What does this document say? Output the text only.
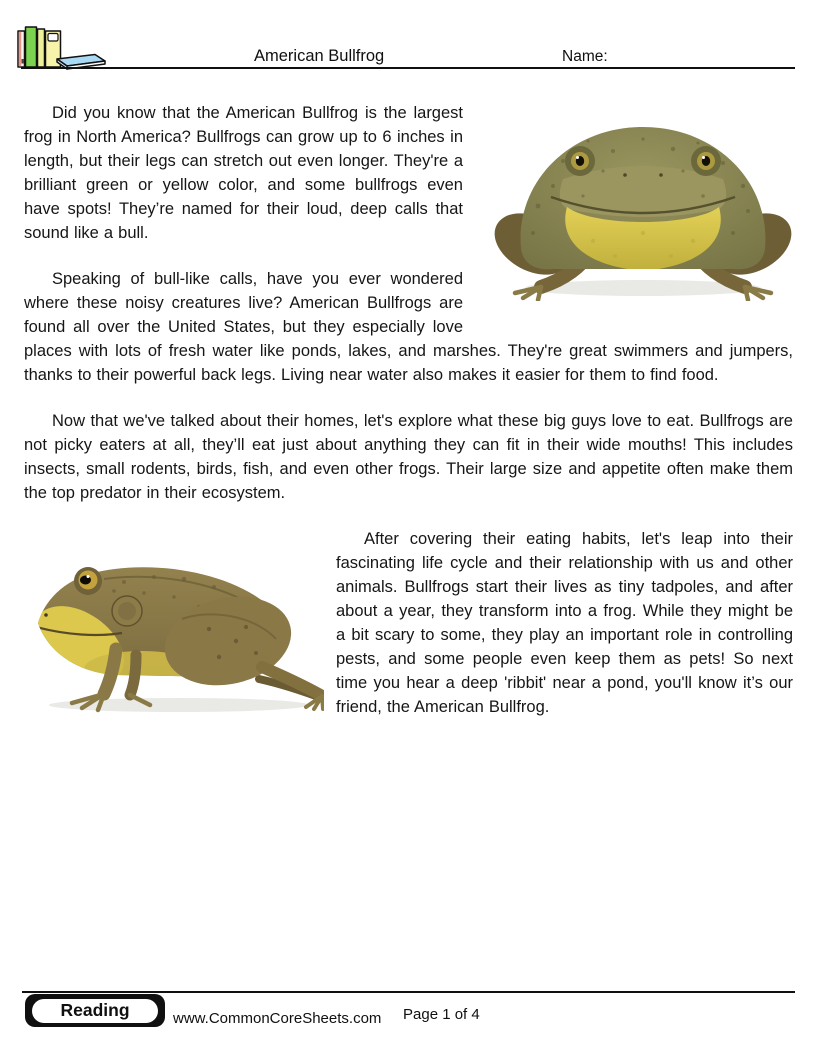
American Bullfrog	Name:

Did you know that the American Bullfrog is the largest frog in North America? Bullfrogs can grow up to 6 inches in length, but their legs can stretch out even longer. They're a brilliant green or yellow color, and some bullfrogs even have spots! They’re named for their loud, deep calls that sound like a bull.

Speaking of bull-like calls, have you ever wondered where these noisy creatures live? American Bullfrogs are found all over the United States, but they especially love places with lots of fresh water like ponds, lakes, and marshes. They're great swimmers and jumpers, thanks to their powerful back legs. Living near water also makes it easier for them to find food.

Now that we've talked about their homes, let's explore what these big guys love to eat. Bullfrogs are not picky eaters at all, they’ll eat just about anything they can fit in their wide mouths! This includes insects, small rodents, birds, fish, and even other frogs. Their large size and appetite often make them the top predator in their ecosystem.

After covering their eating habits, let's leap into their fascinating life cycle and their relationship with us and other animals. Bullfrogs start their lives as tiny tadpoles, and after about a year, they transform into a frog. While they might be a bit scary to some, they play an important role in controlling pests, and some people even keep them as pets! So next time you hear a deep 'ribbit' near a pond, you'll know it’s our friend, the American Bullfrog.

Reading	www.CommonCoreSheets.com Page 1 of 4
